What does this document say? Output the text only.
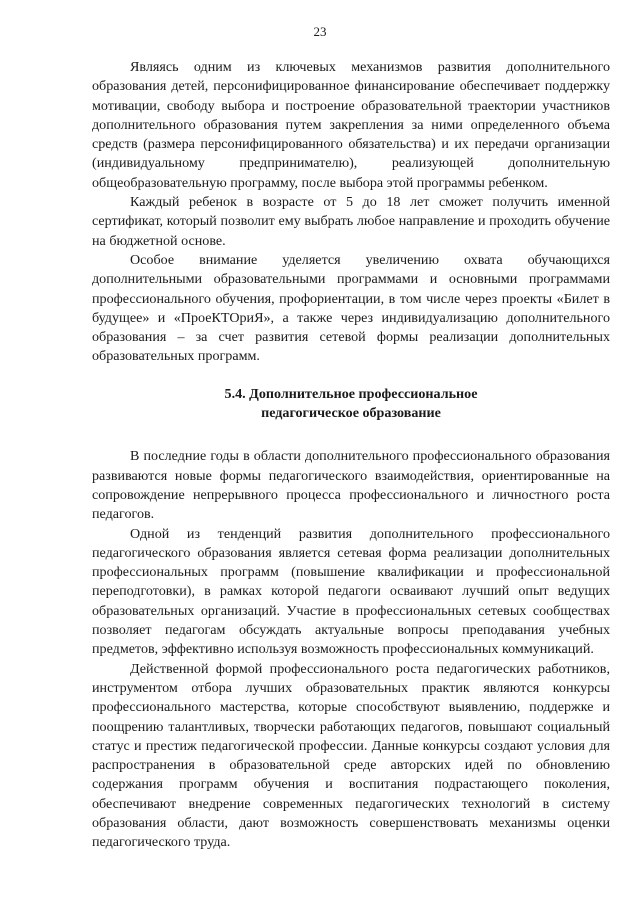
23

Являясь одним из ключевых механизмов развития дополнительного образования детей, персонифицированное финансирование обеспечивает поддержку мотивации, свободу выбора и построение образовательной траектории участников дополнительного образования путем закрепления за ними определенного объема средств (размера персонифицированного обязательства) и их передачи организации (индивидуальному предпринимателю), реализующей дополнительную общеобразовательную программу, после выбора этой программы ребенком.

Каждый ребенок в возрасте от 5 до 18 лет сможет получить именной сертификат, который позволит ему выбрать любое направление и проходить обучение на бюджетной основе.

Особое внимание уделяется увеличению охвата обучающихся дополнительными образовательными программами и основными программами профессионального обучения, профориентации, в том числе через проекты «Билет в будущее» и «ПроеКТОриЯ», а также через индивидуализацию дополнительного образования – за счет развития сетевой формы реализации дополнительных образовательных программ.

5.4. Дополнительное профессиональное
педагогическое образование

В последние годы в области дополнительного профессионального образования развиваются новые формы педагогического взаимодействия, ориентированные на сопровождение непрерывного процесса профессионального и личностного роста педагогов.

Одной из тенденций развития дополнительного профессионального педагогического образования является сетевая форма реализации дополнительных профессиональных программ (повышение квалификации и профессиональной переподготовки), в рамках которой педагоги осваивают лучший опыт ведущих образовательных организаций. Участие в профессиональных сетевых сообществах позволяет педагогам обсуждать актуальные вопросы преподавания учебных предметов, эффективно используя возможность профессиональных коммуникаций.

Действенной формой профессионального роста педагогических работников, инструментом отбора лучших образовательных практик являются конкурсы профессионального мастерства, которые способствуют выявлению, поддержке и поощрению талантливых, творчески работающих педагогов, повышают социальный статус и престиж педагогической профессии. Данные конкурсы создают условия для распространения в образовательной среде авторских идей по обновлению содержания программ обучения и воспитания подрастающего поколения, обеспечивают внедрение современных педагогических технологий в систему образования области, дают возможность совершенствовать механизмы оценки педагогического труда.
